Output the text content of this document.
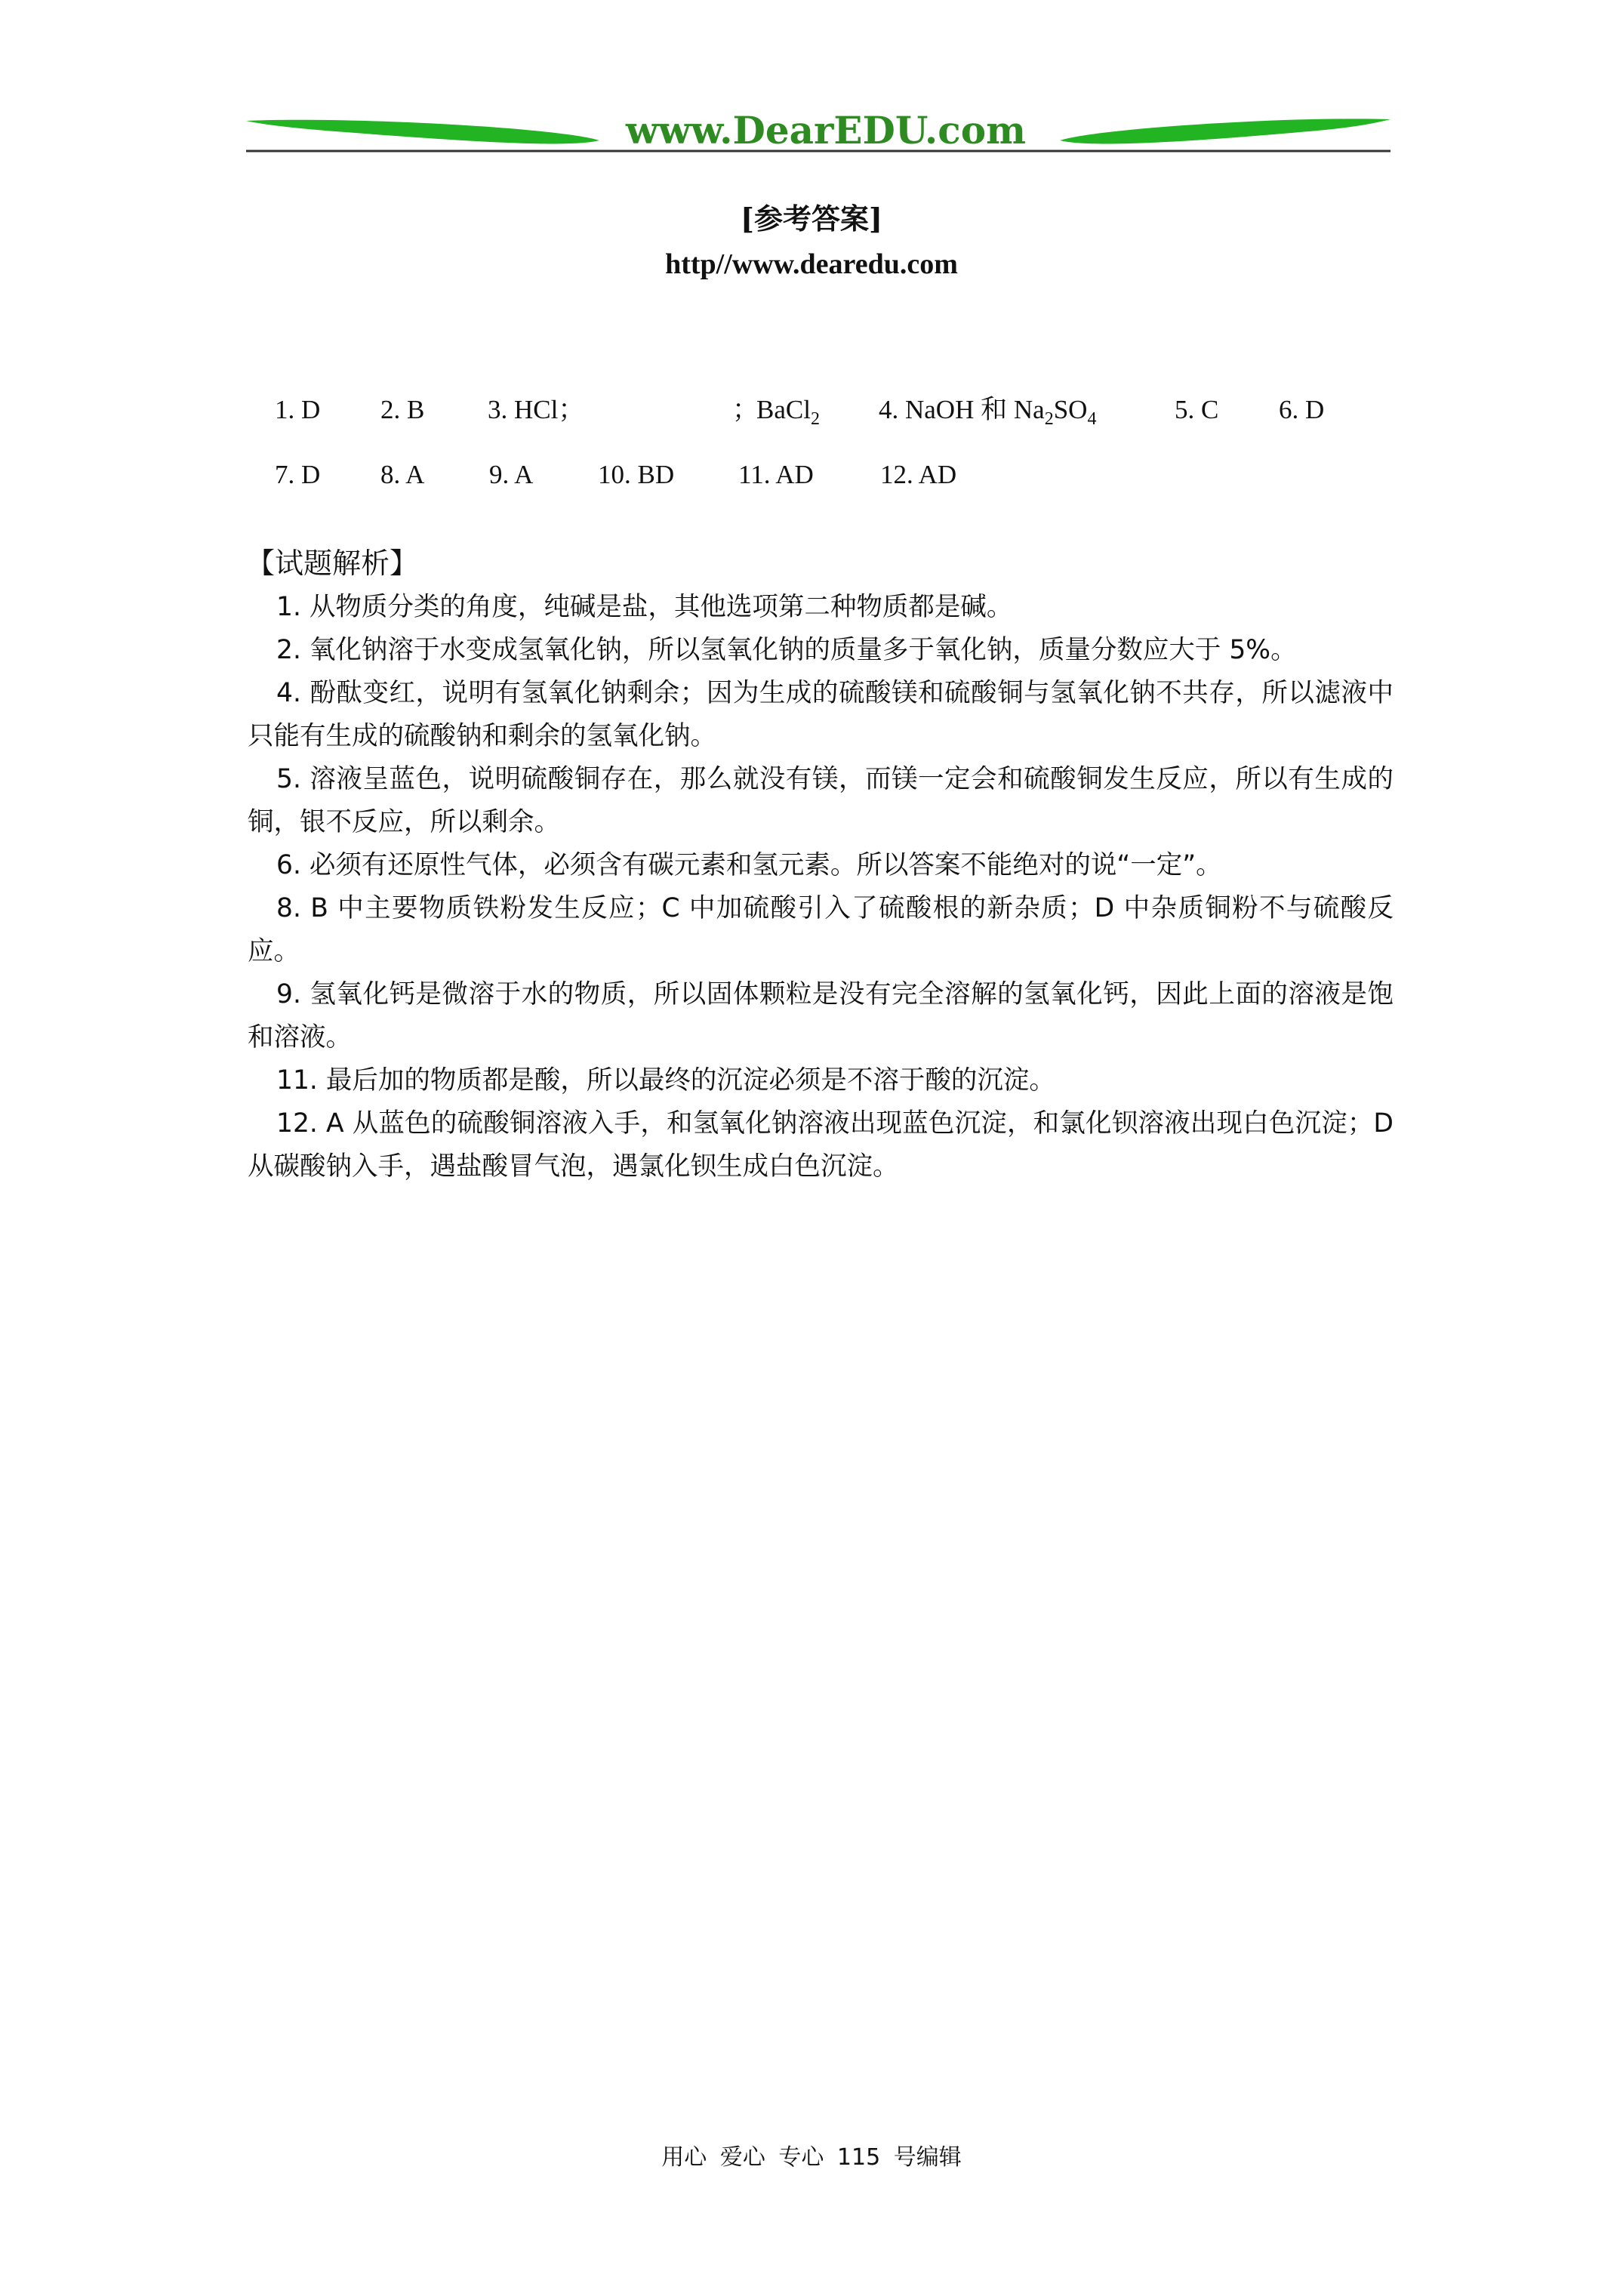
www.DearEDU.com
[参考答案]
http//www.dearedu.com
1. D 2. B 3. HCl；	；
BaCl$_2$ 4. NaOH 和 $Na_2SO_4$	5. C 6. D
7. D 8. A 9. A 10. BD 11. AD	12. AD
【试题解析】

1. 从物质分类的角度，纯碱是盐，其他选项第二种物质都是碱。

2. 氧化钠溶于水变成氢氧化钠，所以氢氧化钠的质量多于氧化钠，质量分数应大于 5%。

4. 酚酞变红，说明有氢氧化钠剩余；因为生成的硫酸镁和硫酸铜与氢氧化钠不共存，所以滤液中只能有生成的硫酸钠和剩余的氢氧化钠。

5. 溶液呈蓝色，说明硫酸铜存在，那么就没有镁，而镁一定会和硫酸铜发生反应，所以有生成的铜，银不反应，所以剩余。

6. 必须有还原性气体，必须含有碳元素和氢元素。所以答案不能绝对的说“一定”。

8. B 中主要物质铁粉发生反应；C 中加硫酸引入了硫酸根的新杂质；D 中杂质铜粉不与硫酸反应。

9. 氢氧化钙是微溶于水的物质，所以固体颗粒是没有完全溶解的氢氧化钙，因此上面的溶液是饱和溶液。

11. 最后加的物质都是酸，所以最终的沉淀必须是不溶于酸的沉淀。

12. A 从蓝色的硫酸铜溶液入手，和氢氧化钠溶液出现蓝色沉淀，和氯化钡溶液出现白色沉淀；D 从碳酸钠入手，遇盐酸冒气泡，遇氯化钡生成白色沉淀。

用心 爱心 专心 115 号编辑
